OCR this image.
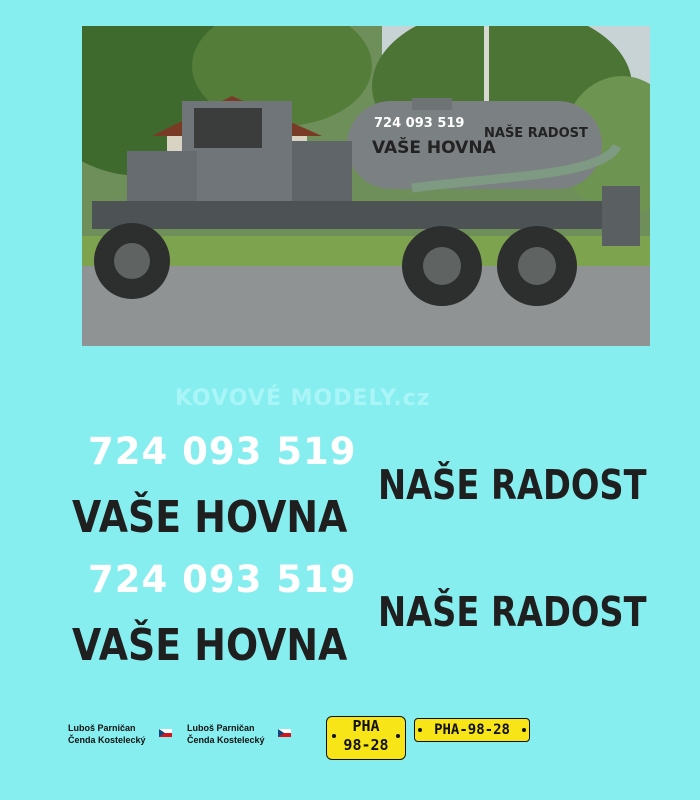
724 093 519
VAŠE HOVNA
NAŠE RADOST
KOVOVÉ MODELY.cz
724 093 519
VAŠE HOVNA
NAŠE RADOST
724 093 519
VAŠE HOVNA
NAŠE RADOST
Luboš Parničan
Čenda Kostelecký
Luboš Parničan
Čenda Kostelecký
PHA
98-28
PHA-98-28
